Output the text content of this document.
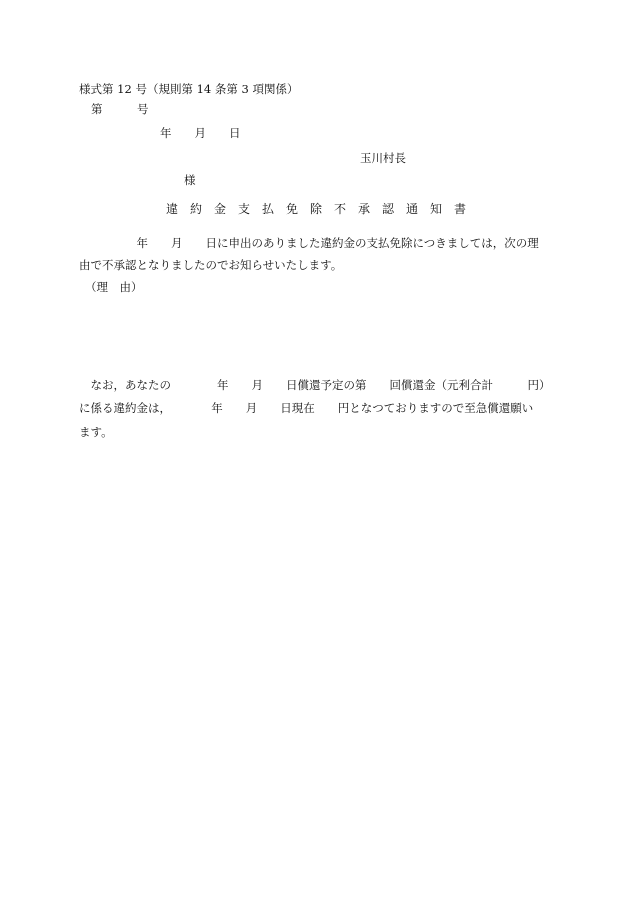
様式第 12 号（規則第 14 条第 3 項関係）
第　　　号
年　　月　　日
玉川村長
様
違　約　金　支　払　免　除　不　承　認　通　知　書
　　　　　年　　月　　日に申出のありました違約金の支払免除につきましては，次の理
由で不承認となりましたのでお知らせいたします。
（理　由）
　なお，あなたの　　　　年　　月　　日償還予定の第　　回償還金（元利合計　　　円）
に係る違約金は，　　　　年　　月　　日現在　　円となつておりますので至急償還願い
ます。
